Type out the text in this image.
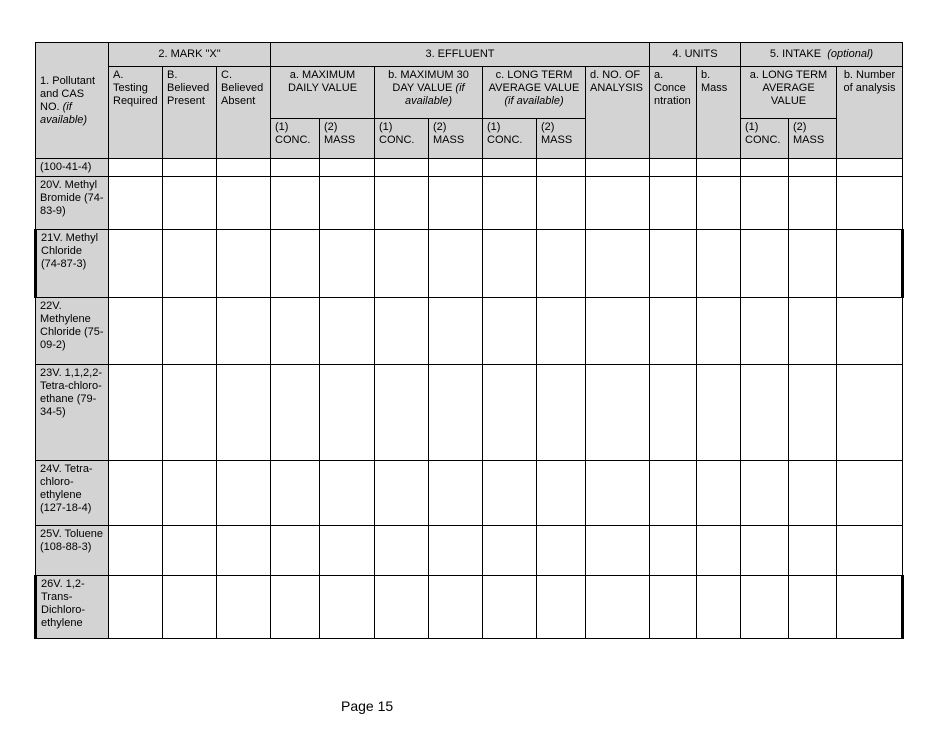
1. Pollutant and CAS NO. (if available)	2. MARK "X"			3. EFFLUENT							4. UNITS		5. INTAKE (optional)		
	A. Testing Required	B. Believed Present	C. Believed Absent	a. MAXIMUM DAILY VALUE		b. MAXIMUM 30 DAY VALUE (if available)		c. LONG TERM AVERAGE VALUE (if available)		d. NO. OF ANALYSIS	a. Conce ntration	b. Mass	a. LONG TERM AVERAGE VALUE		b. Number of analysis
				(1) CONC.	(2) MASS	(1) CONC.	(2) MASS	(1) CONC.	(2) MASS				(1) CONC.	(2) MASS	
(100-41-4)															
20V. Methyl Bromide (74-83-9)															
21V. Methyl Chloride (74-87-3)															
22V. Methylene Chloride (75-09-2)															
23V. 1,1,2,2-Tetra-chloro-ethane (79-34-5)															
24V. Tetra-chloro-ethylene (127-18-4)															
25V. Toluene (108-88-3)															
26V. 1,2-Trans-Dichloro-ethylene															
Page 15
